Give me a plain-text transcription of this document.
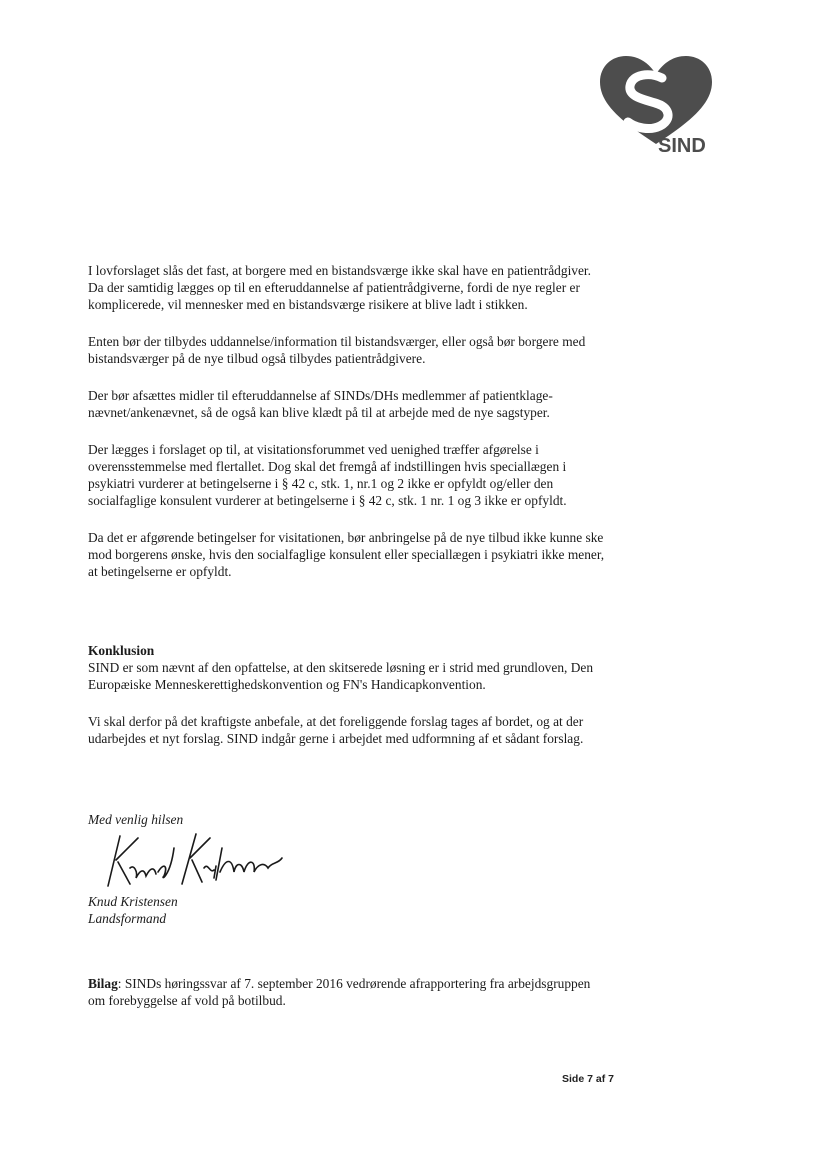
SIND

I lovforslaget slås det fast, at borgere med en bistandsværge ikke skal have en patientrådgiver. Da der samtidig lægges op til en efteruddannelse af patientrådgiverne, fordi de nye regler er komplicerede, vil mennesker med en bistandsværge risikere at blive ladt i stikken.

Enten bør der tilbydes uddannelse/information til bistandsværger, eller også bør borgere med bistandsværger på de nye tilbud også tilbydes patientrådgivere.

Der bør afsættes midler til efteruddannelse af SINDs/DHs medlemmer af patientklagenævnet/ankenævnet, så de også kan blive klædt på til at arbejde med de nye sagstyper.

Der lægges i forslaget op til, at visitationsforummet ved uenighed træffer afgørelse i overensstemmelse med flertallet. Dog skal det fremgå af indstillingen hvis speciallægen i psykiatri vurderer at betingelserne i § 42 c, stk. 1, nr.1 og 2 ikke er opfyldt og/eller den socialfaglige konsulent vurderer at betingelserne i § 42 c, stk. 1 nr. 1 og 3 ikke er opfyldt.

Da det er afgørende betingelser for visitationen, bør anbringelse på de nye tilbud ikke kunne ske mod borgerens ønske, hvis den socialfaglige konsulent eller speciallægen i psykiatri ikke mener, at betingelserne er opfyldt.

Konklusion

SIND er som nævnt af den opfattelse, at den skitserede løsning er i strid med grundloven, Den Europæiske Menneskerettighedskonvention og FN's Handicapkonvention.

Vi skal derfor på det kraftigste anbefale, at det foreliggende forslag tages af bordet, og at der udarbejdes et nyt forslag. SIND indgår gerne i arbejdet med udformning af et sådant forslag.

Med venlig hilsen
Knud Kristensen
Landsformand
Bilag: SINDs høringssvar af 7. september 2016 vedrørende afrapportering fra arbejdsgruppen om forebyggelse af vold på botilbud.
Side 7 af 7
